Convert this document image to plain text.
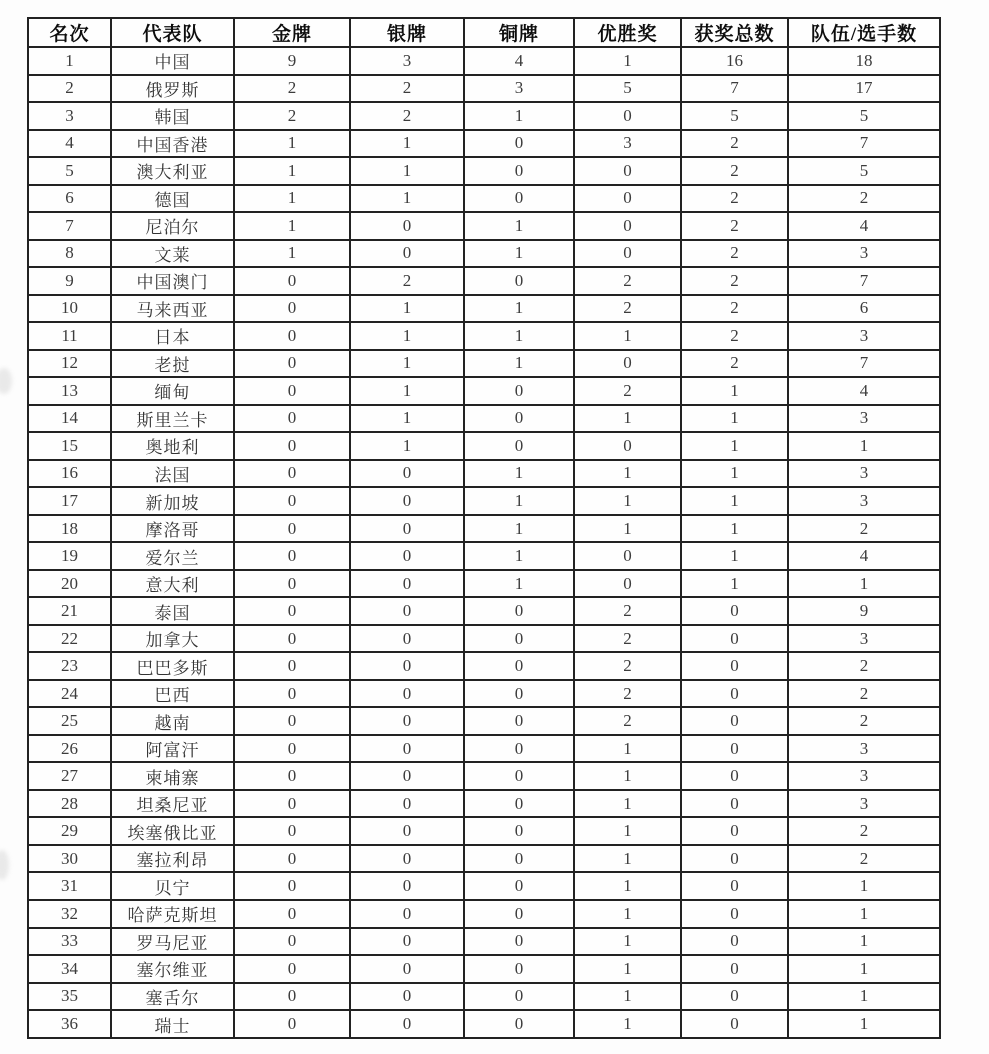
名次	代表队	金牌	银牌	铜牌	优胜奖	获奖总数	队伍/选手数
1	中国	9	3	4	1	16	18
2	俄罗斯	2	2	3	5	7	17
3	韩国	2	2	1	0	5	5
4	中国香港	1	1	0	3	2	7
5	澳大利亚	1	1	0	0	2	5
6	德国	1	1	0	0	2	2
7	尼泊尔	1	0	1	0	2	4
8	文莱	1	0	1	0	2	3
9	中国澳门	0	2	0	2	2	7
10	马来西亚	0	1	1	2	2	6
11	日本	0	1	1	1	2	3
12	老挝	0	1	1	0	2	7
13	缅甸	0	1	0	2	1	4
14	斯里兰卡	0	1	0	1	1	3
15	奥地利	0	1	0	0	1	1
16	法国	0	0	1	1	1	3
17	新加坡	0	0	1	1	1	3
18	摩洛哥	0	0	1	1	1	2
19	爱尔兰	0	0	1	0	1	4
20	意大利	0	0	1	0	1	1
21	泰国	0	0	0	2	0	9
22	加拿大	0	0	0	2	0	3
23	巴巴多斯	0	0	0	2	0	2
24	巴西	0	0	0	2	0	2
25	越南	0	0	0	2	0	2
26	阿富汗	0	0	0	1	0	3
27	柬埔寨	0	0	0	1	0	3
28	坦桑尼亚	0	0	0	1	0	3
29	埃塞俄比亚	0	0	0	1	0	2
30	塞拉利昂	0	0	0	1	0	2
31	贝宁	0	0	0	1	0	1
32	哈萨克斯坦	0	0	0	1	0	1
33	罗马尼亚	0	0	0	1	0	1
34	塞尔维亚	0	0	0	1	0	1
35	塞舌尔	0	0	0	1	0	1
36	瑞士	0	0	0	1	0	1
